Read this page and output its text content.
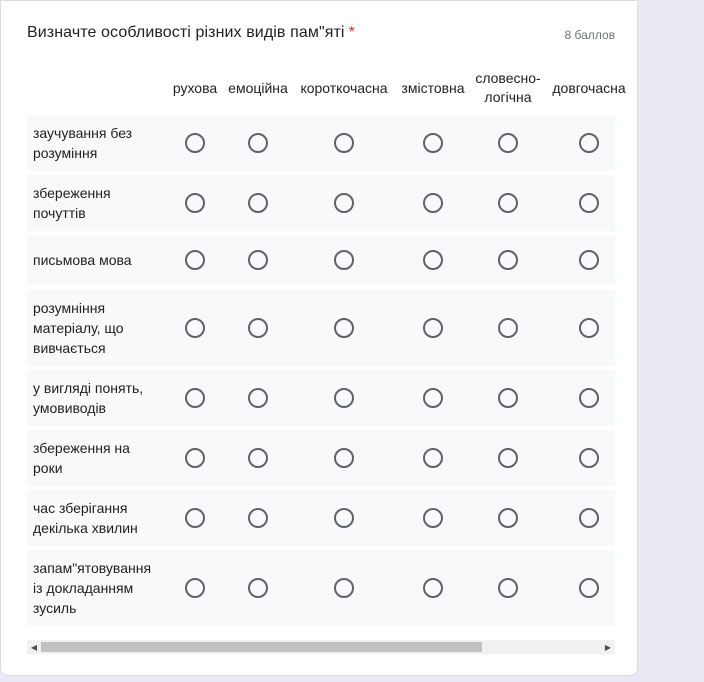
Визначте особливості різних видів пам"яті *	8 баллов
рухова емоційна короткочасна змістовна
словесно-
логічна
довгочасна
заучування без
розуміння
збереження
почуттів
письмова мова
розумніння
матеріалу, що
вивчається
у вигляді понять,
умовиводів
збереження на
роки
час зберігання
декілька хвилин
запам"ятовування
із докладанням
зусиль
◀	▶
